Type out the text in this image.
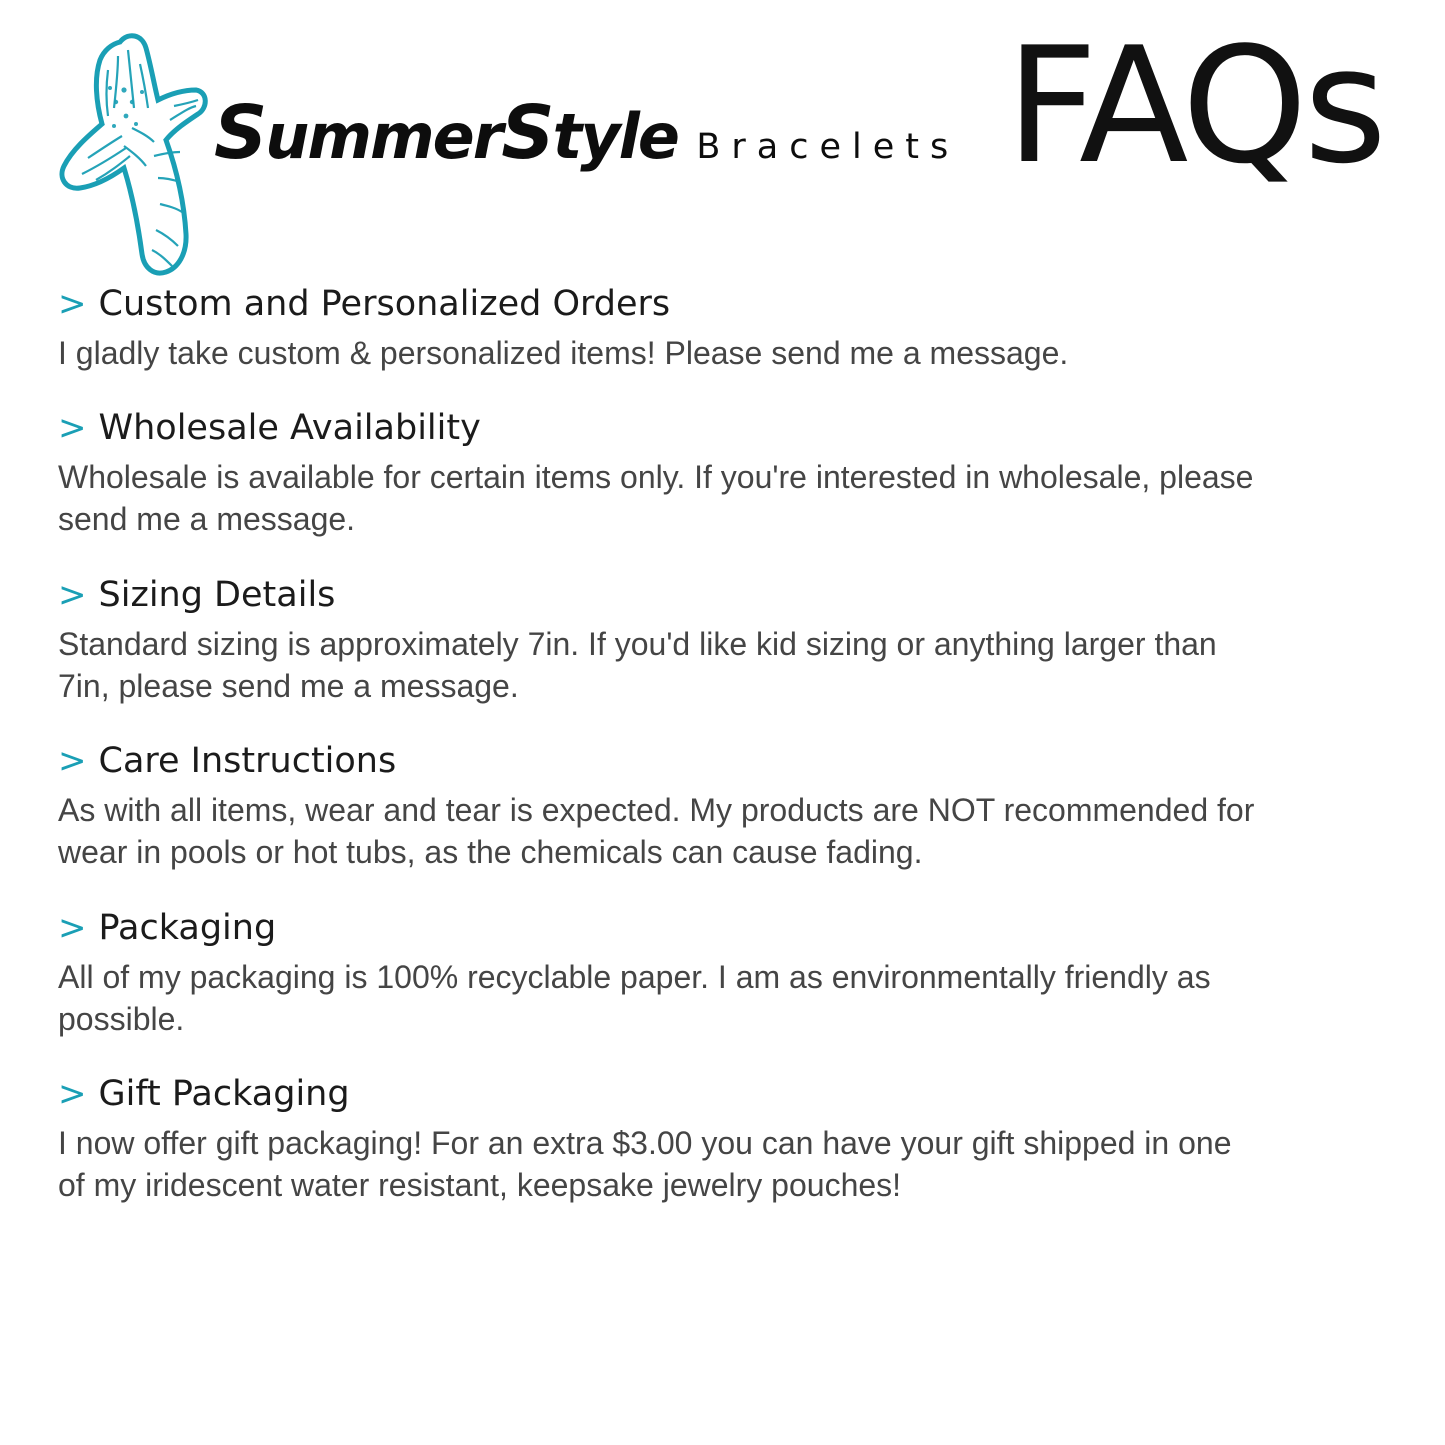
SummerStyle Bracelets FAQs
> Custom and Personalized Orders
I gladly take custom & personalized items! Please send me a message.
> Wholesale Availability
Wholesale is available for certain items only. If you're interested in wholesale, please send me a message.
> Sizing Details
Standard sizing is approximately 7in. If you'd like kid sizing or anything larger than 7in, please send me a message.
> Care Instructions
As with all items, wear and tear is expected. My products are NOT recommended for wear in pools or hot tubs, as the chemicals can cause fading.
> Packaging
All of my packaging is 100% recyclable paper. I am as environmentally friendly as possible.
> Gift Packaging
I now offer gift packaging! For an extra $3.00 you can have your gift shipped in one of my iridescent water resistant, keepsake jewelry pouches!
